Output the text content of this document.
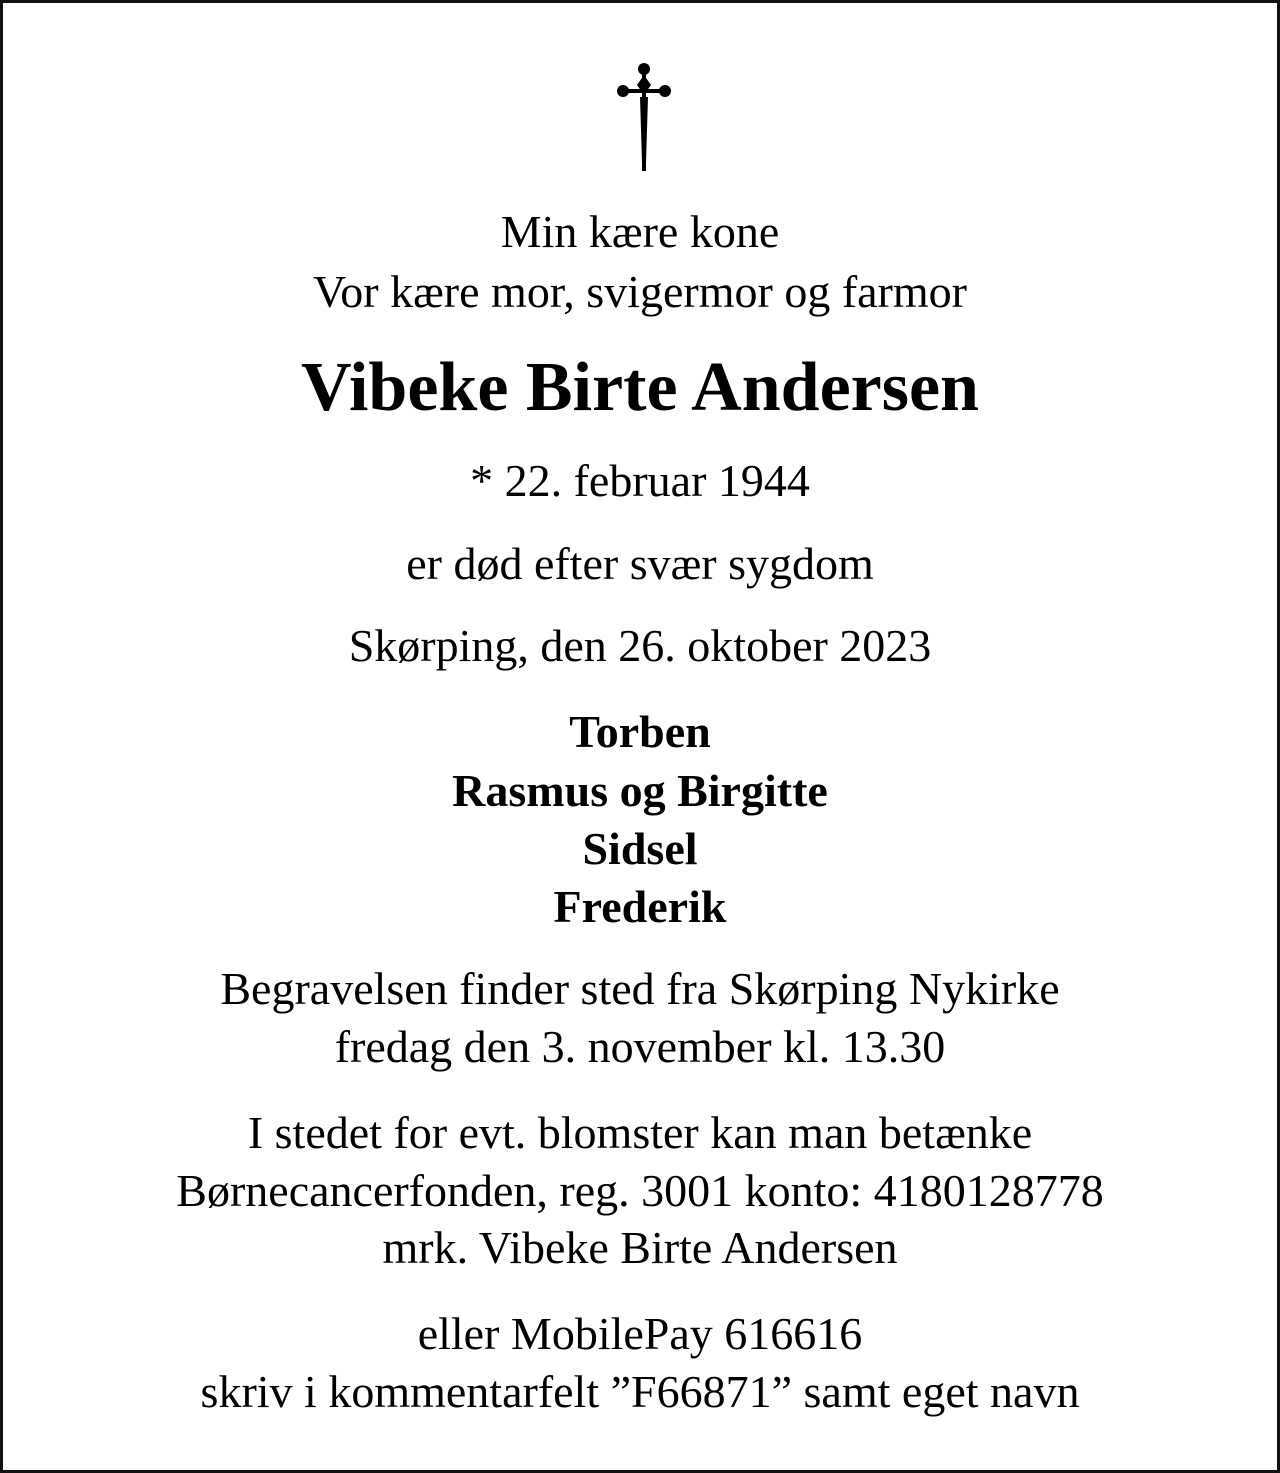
Min kære kone
Vor kære mor, svigermor og farmor
Vibeke Birte Andersen
* 22. februar 1944
er død efter svær sygdom
Skørping, den 26. oktober 2023
Torben
Rasmus og Birgitte
Sidsel
Frederik
Begravelsen finder sted fra Skørping Nykirke
fredag den 3. november kl. 13.30
I stedet for evt. blomster kan man betænke
Børnecancerfonden, reg. 3001 konto: 4180128778
mrk. Vibeke Birte Andersen
eller MobilePay 616616
skriv i kommentarfelt ”F66871” samt eget navn
